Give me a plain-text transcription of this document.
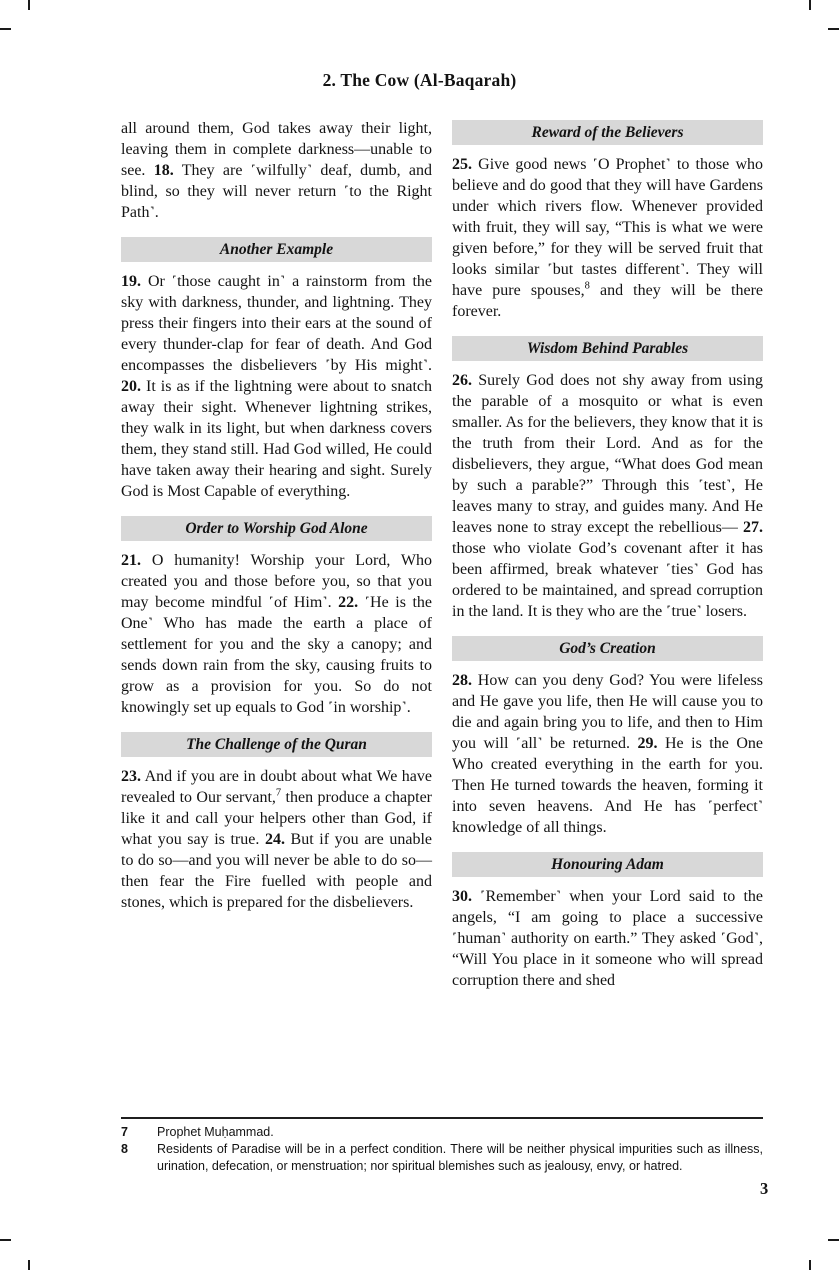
2. The Cow (Al-Baqarah)

all around them, God takes away their light, leaving them in complete darkness—unable to see. 18. They are ˹wilfully˺ deaf, dumb, and blind, so they will never return ˹to the Right Path˺.

Another Example

19. Or ˹those caught in˺ a rainstorm from the sky with darkness, thunder, and lightning. They press their fingers into their ears at the sound of every thunder-clap for fear of death. And God encompasses the disbelievers ˹by His might˺. 20. It is as if the lightning were about to snatch away their sight. Whenever lightning strikes, they walk in its light, but when darkness covers them, they stand still. Had God willed, He could have taken away their hearing and sight. Surely God is Most Capable of everything.

Order to Worship God Alone

21. O humanity! Worship your Lord, Who created you and those before you, so that you may become mindful ˹of Him˺. 22. ˹He is the One˺ Who has made the earth a place of settlement for you and the sky a canopy; and sends down rain from the sky, causing fruits to grow as a provision for you. So do not knowingly set up equals to God ˹in worship˺.

The Challenge of the Quran

23. And if you are in doubt about what We have revealed to Our servant,$^7$ then produce a chapter like it and call your helpers other than God, if what you say is true. 24. But if you are unable to do so—and you will never be able to do so—then fear the Fire fuelled with people and stones, which is prepared for the disbelievers.

Reward of the Believers

25. Give good news ˹O Prophet˺ to those who believe and do good that they will have Gardens under which rivers flow. Whenever provided with fruit, they will say, “This is what we were given before,” for they will be served fruit that looks similar ˹but tastes different˺. They will have pure spouses,$^8$ and they will be there forever.

Wisdom Behind Parables

26. Surely God does not shy away from using the parable of a mosquito or what is even smaller. As for the believers, they know that it is the truth from their Lord. And as for the disbelievers, they argue, “What does God mean by such a parable?” Through this ˹test˺, He leaves many to stray, and guides many. And He leaves none to stray except the rebellious— 27. those who violate God’s covenant after it has been affirmed, break whatever ˹ties˺ God has ordered to be maintained, and spread corruption in the land. It is they who are the ˹true˺ losers.

God’s Creation

28. How can you deny God? You were lifeless and He gave you life, then He will cause you to die and again bring you to life, and then to Him you will ˹all˺ be returned. 29. He is the One Who created everything in the earth for you. Then He turned towards the heaven, forming it into seven heavens. And He has ˹perfect˺ knowledge of all things.

Honouring Adam

30. ˹Remember˺ when your Lord said to the angels, “I am going to place a successive ˹human˺ authority on earth.” They asked ˹God˺, “Will You place in it someone who will spread corruption there and shed

7	Prophet Muḥammad.
8	Residents of Paradise will be in a perfect condition. There will be neither physical impurities such as illness, urination, defecation, or menstruation; nor spiritual blemishes such as jealousy, envy, or hatred.
3
